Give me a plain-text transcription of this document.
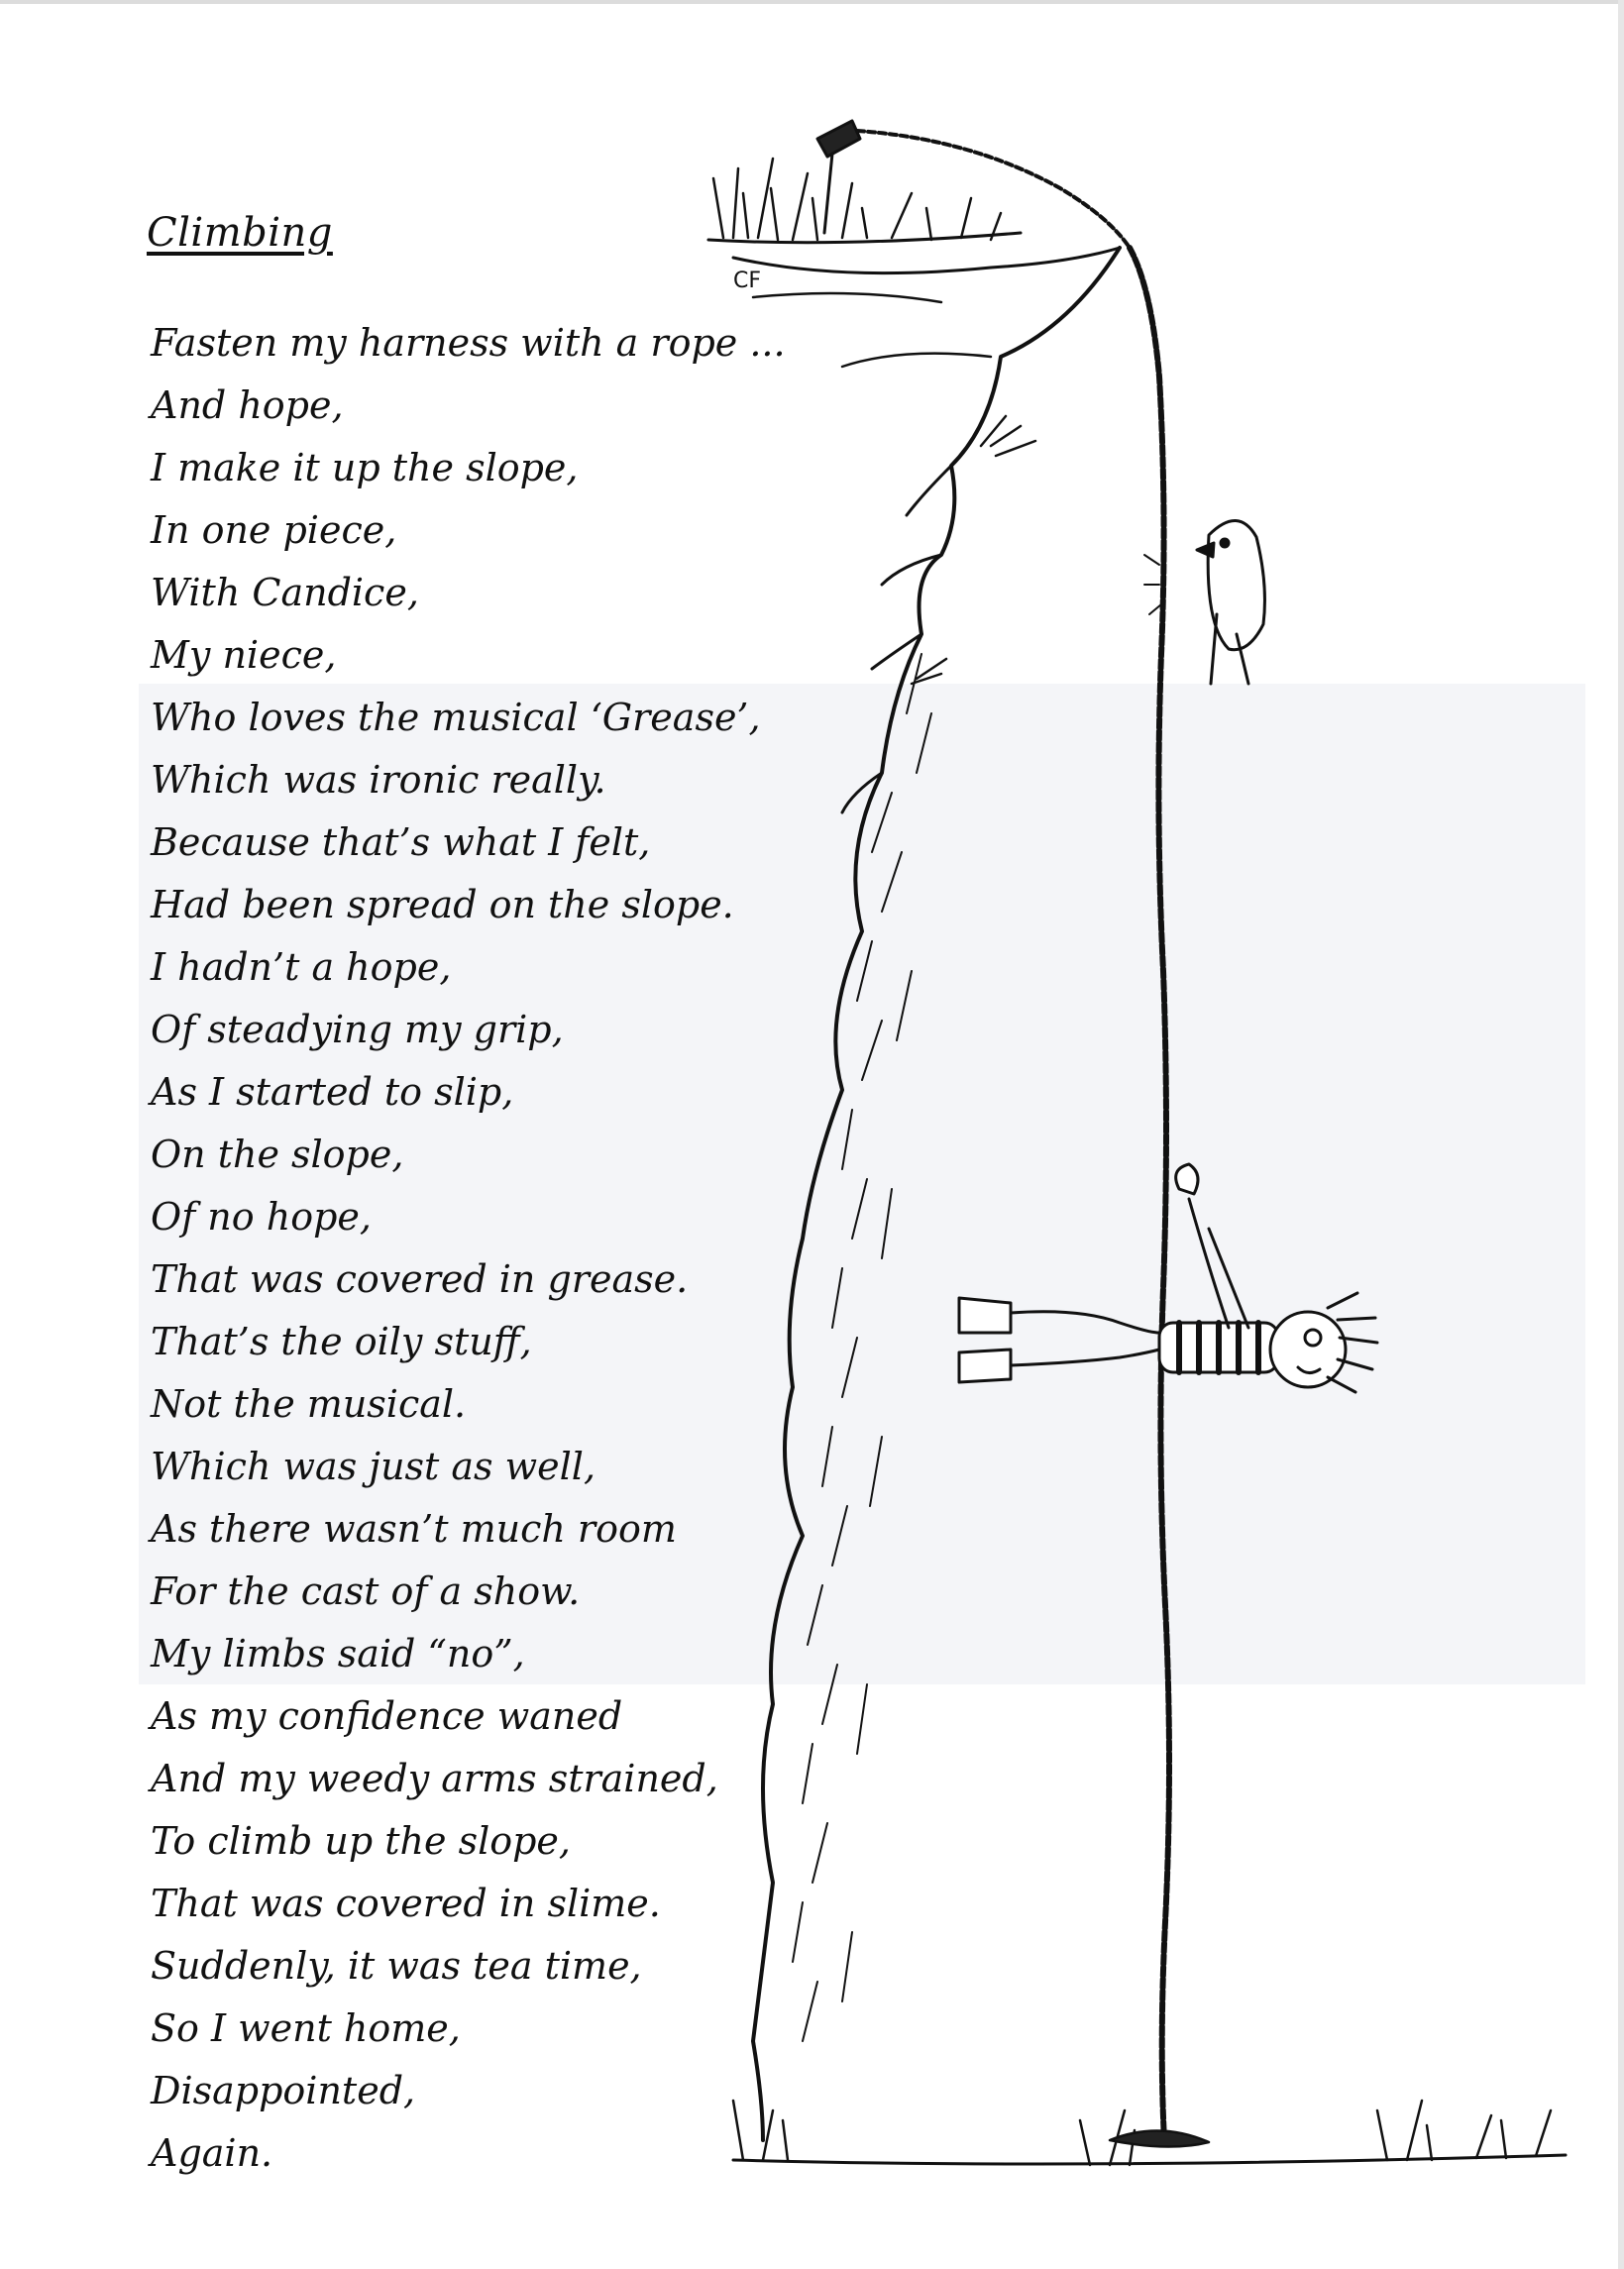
Climbing
Fasten my harness with a rope ...
And hope,
I make it up the slope,
In one piece,
With Candice,
My niece,
Who loves the musical ‘Grease’,
Which was ironic really.
Because that’s what I felt,
Had been spread on the slope.
I hadn’t a hope,
Of steadying my grip,
As I started to slip,
On the slope,
Of no hope,
That was covered in grease.
That’s the oily stuff,
Not the musical.
Which was just as well,
As there wasn’t much room
For the cast of a show.
My limbs said “no”,
As my confidence waned
And my weedy arms strained,
To climb up the slope,
That was covered in slime.
Suddenly, it was tea time,
So I went home,
Disappointed,
Again.
CF
